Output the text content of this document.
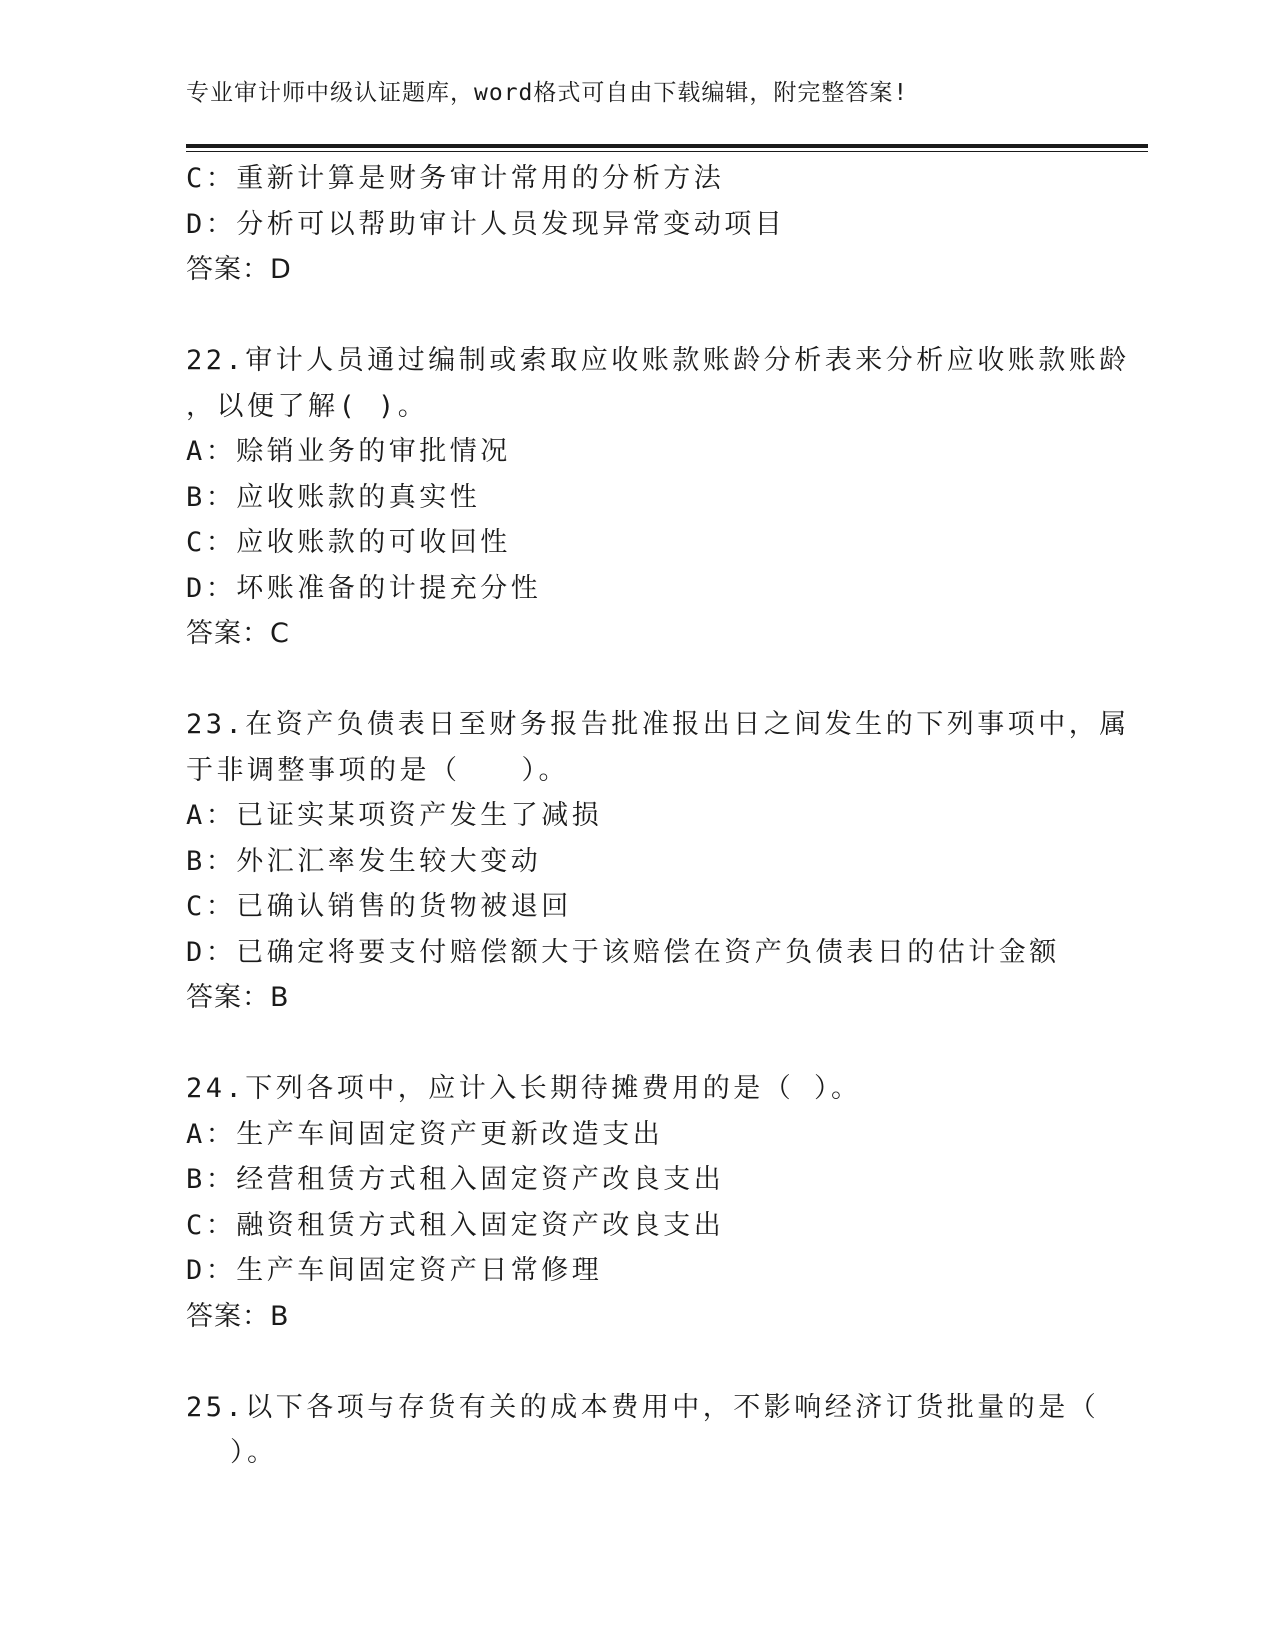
专业审计师中级认证题库，word格式可自由下载编辑，附完整答案!
C：重新计算是财务审计常用的分析方法
D：分析可以帮助审计人员发现异常变动项目
答案：D
22.审计人员通过编制或索取应收账款账龄分析表来分析应收账款账龄
，以便了解( )。
A：赊销业务的审批情况
B：应收账款的真实性
C：应收账款的可收回性
D：坏账准备的计提充分性
答案：C
23.在资产负债表日至财务报告批准报出日之间发生的下列事项中，属
于非调整事项的是（　　）。
A：已证实某项资产发生了减损
B：外汇汇率发生较大变动
C：已确认销售的货物被退回
D：已确定将要支付赔偿额大于该赔偿在资产负债表日的估计金额
答案：B
24.下列各项中，应计入长期待摊费用的是（ ）。
A：生产车间固定资产更新改造支出
B：经营租赁方式租入固定资产改良支出
C：融资租赁方式租入固定资产改良支出
D：生产车间固定资产日常修理
答案：B
25.以下各项与存货有关的成本费用中，不影响经济订货批量的是（
）。
